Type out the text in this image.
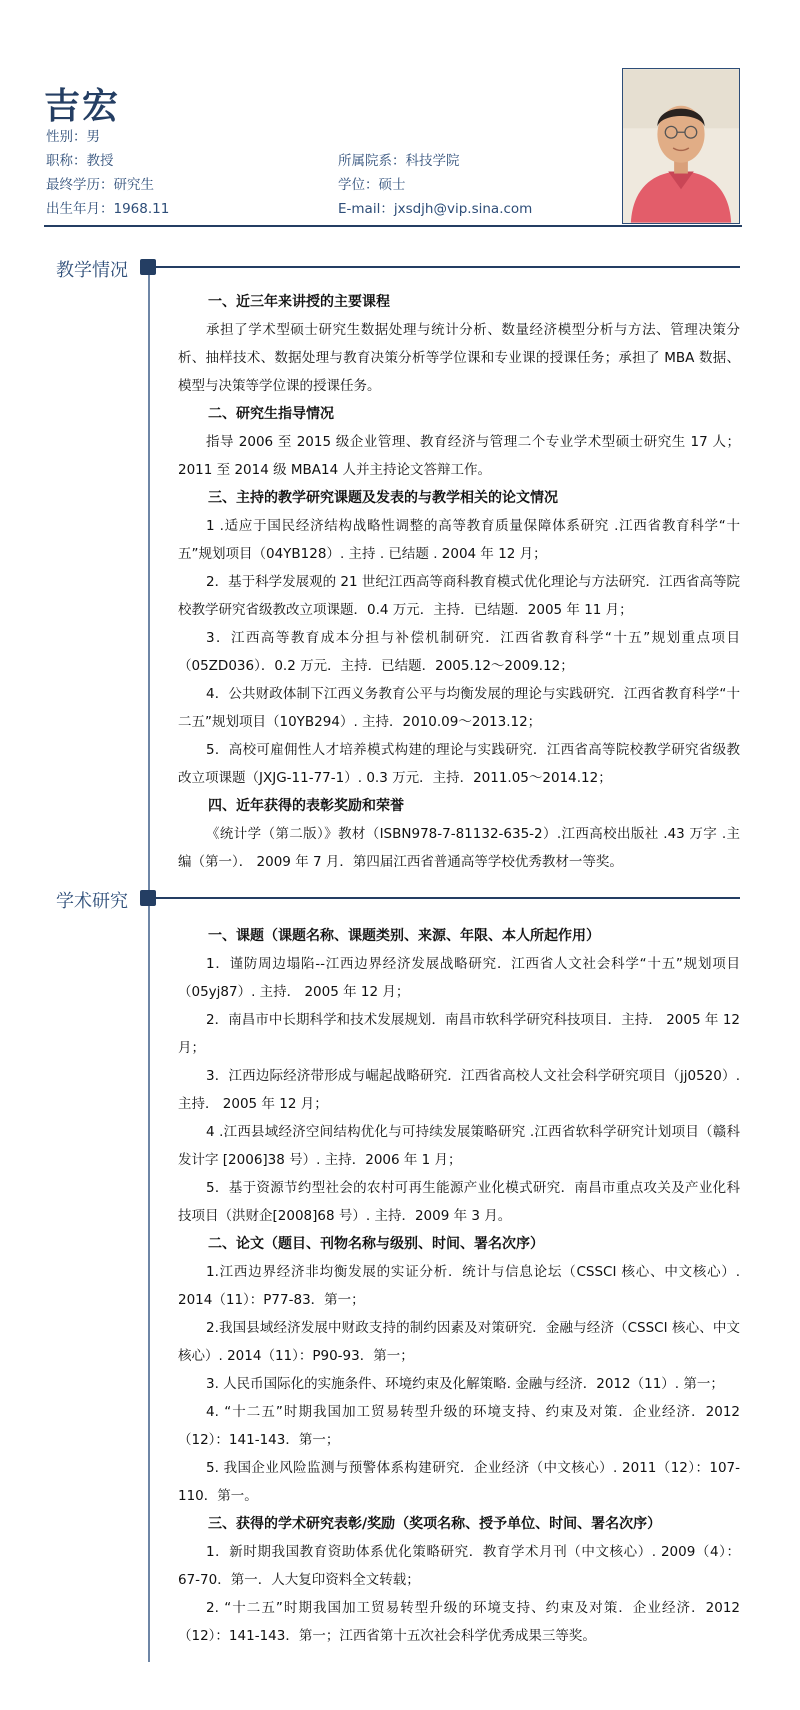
吉宏
性别：男
职称：教授
最终学历：研究生
出生年月：1968.11
所属院系：科技学院
学位：硕士
E-mail：jxsdjh@vip.sina.com
教学情况
一、近三年来讲授的主要课程

承担了学术型硕士研究生数据处理与统计分析、数量经济模型分析与方法、管理决策分析、抽样技术、数据处理与教育决策分析等学位课和专业课的授课任务；承担了 MBA 数据、模型与决策等学位课的授课任务。

二、研究生指导情况

指导 2006 至 2015 级企业管理、教育经济与管理二个专业学术型硕士研究生 17 人；2011 至 2014 级 MBA14 人并主持论文答辩工作。

三、主持的教学研究课题及发表的与教学相关的论文情况

1 .适应于国民经济结构战略性调整的高等教育质量保障体系研究 .江西省教育科学“十五”规划项目（04YB128）. 主持 . 已结题 . 2004 年 12 月；

2．基于科学发展观的 21 世纪江西高等商科教育模式优化理论与方法研究．江西省高等院校教学研究省级教改立项课题．0.4 万元．主持．已结题．2005 年 11 月；

3．江西高等教育成本分担与补偿机制研究．江西省教育科学“十五”规划重点项目（05ZD036）．0.2 万元．主持．已结题．2005.12～2009.12；

4．公共财政体制下江西义务教育公平与均衡发展的理论与实践研究．江西省教育科学“十二五”规划项目（10YB294）. 主持．2010.09～2013.12；

5．高校可雇佣性人才培养模式构建的理论与实践研究．江西省高等院校教学研究省级教改立项课题（JXJG-11-77-1）. 0.3 万元．主持．2011.05～2014.12；

四、近年获得的表彰奖励和荣誉

《统计学（第二版）》教材（ISBN978-7-81132-635-2）.江西高校出版社 .43 万字 .主编（第一）． 2009 年 7 月．第四届江西省普通高等学校优秀教材一等奖。

学术研究
一、课题（课题名称、课题类别、来源、年限、本人所起作用）

1．谨防周边塌陷--江西边界经济发展战略研究．江西省人文社会科学“十五”规划项目（05yj87）. 主持． 2005 年 12 月；

2．南昌市中长期科学和技术发展规划．南昌市软科学研究科技项目．主持． 2005 年 12 月；

3．江西边际经济带形成与崛起战略研究．江西省高校人文社会科学研究项目（jj0520）. 主持． 2005 年 12 月；

4 .江西县域经济空间结构优化与可持续发展策略研究 .江西省软科学研究计划项目（赣科发计字 [2006]38 号）. 主持．2006 年 1 月；

5．基于资源节约型社会的农村可再生能源产业化模式研究．南昌市重点攻关及产业化科技项目（洪财企[2008]68 号）. 主持．2009 年 3 月。

二、论文（题目、刊物名称与级别、时间、署名次序）

1.江西边界经济非均衡发展的实证分析．统计与信息论坛（CSSCI 核心、中文核心）. 2014（11）：P77-83．第一；

2.我国县域经济发展中财政支持的制约因素及对策研究．金融与经济（CSSCI 核心、中文核心）. 2014（11）：P90-93．第一；

3. 人民币国际化的实施条件、环境约束及化解策略. 金融与经济．2012（11）. 第一；

4. “十二五”时期我国加工贸易转型升级的环境支持、约束及对策．企业经济．2012（12）：141-143．第一；

5. 我国企业风险监测与预警体系构建研究．企业经济（中文核心）. 2011（12）：107-110．第一。

三、获得的学术研究表彰/奖励（奖项名称、授予单位、时间、署名次序）

1．新时期我国教育资助体系优化策略研究．教育学术月刊（中文核心）. 2009（4）：67-70．第一．人大复印资料全文转载；

2. “十二五”时期我国加工贸易转型升级的环境支持、约束及对策．企业经济．2012（12）：141-143．第一；江西省第十五次社会科学优秀成果三等奖。
